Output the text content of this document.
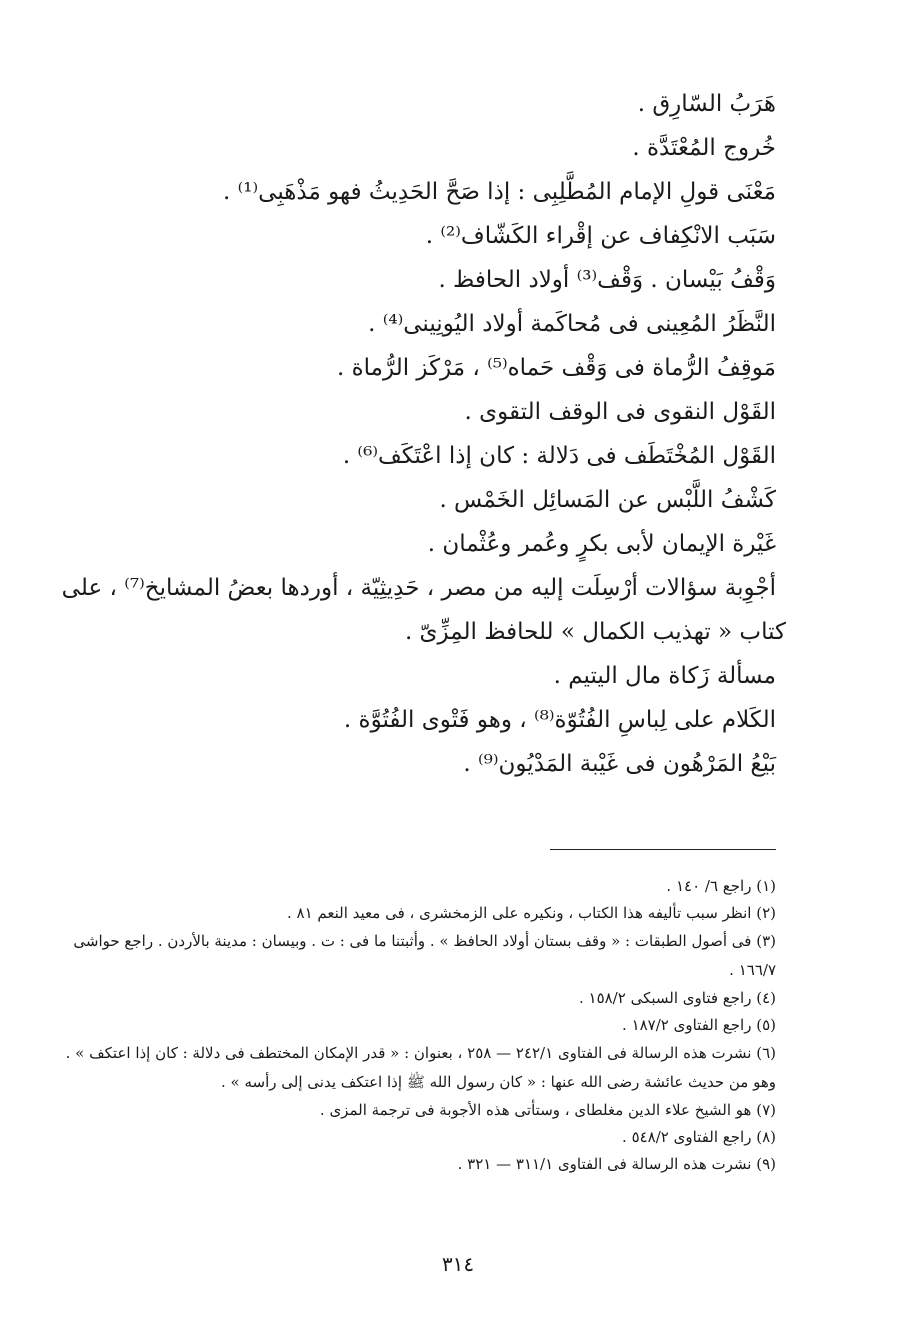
هَرَبُ السّارِق .
خُروج المُعْتَدَّة .
مَعْنَى قولِ الإمام المُطَّلِبِى : إذا صَحَّ الحَدِيثُ فهو مَذْهَبِى⁽¹⁾ .
سَبَب الانْكِفاف عن إقْراء الكَشّاف⁽²⁾ .
وَقْفُ بَيْسان . وَقْف⁽³⁾ أولاد الحافظ .
النَّظَرُ المُعِينى فى مُحاكَمة أولاد اليُونِينى⁽⁴⁾ .
مَوقِفُ الرُّماة فى وَقْف حَماه⁽⁵⁾ ، مَرْكَز الرُّماة .
القَوْل النقوى فى الوقف التقوى .
القَوْل المُخْتَطَف فى دَلالة : كان إذا اعْتَكَف⁽⁶⁾ .
كَشْفُ اللَّبْس عن المَسائِل الخَمْس .
غَيْرة الإيمان لأبى بكرٍ وعُمر وعُثْمان .
أجْوِبة سؤالات أرْسِلَت إليه من مصر ، حَدِيثِيّة ، أوردها بعضُ المشايخ⁽⁷⁾ ، على
كتاب « تهذيب الكمال » للحافظ المِزِّىّ .
مسألة زَكاة مال اليتيم .
الكَلام على لِباسِ الفُتُوّة⁽⁸⁾ ، وهو فَتْوى الفُتُوَّة .
بَيْعُ المَرْهُون فى غَيْبة المَدْيُون⁽⁹⁾ .
(١) راجع ٦/ ١٤٠ .
(٢) انظر سبب تأليفه هذا الكتاب ، ونكيره على الزمخشرى ، فى معيد النعم ٨١ .
(٣) فى أصول الطبقات : « وقف بستان أولاد الحافظ » . وأثبتنا ما فى : ت . وبيسان : مدينة بالأردن . راجع حواشى ١٦٦/٧ .
(٤) راجع فتاوى السبكى ١٥٨/٢ .
(٥) راجع الفتاوى ١٨٧/٢ .
(٦) نشرت هذه الرسالة فى الفتاوى ٢٤٢/١ — ٢٥٨ ، بعنوان : « قدر الإمكان المختطف فى دلالة : كان إذا اعتكف » . وهو من حديث عائشة رضى الله عنها : « كان رسول الله ﷺ إذا اعتكف يدنى إلى رأسه » .
(٧) هو الشيخ علاء الدين مغلطاى ، وستأتى هذه الأجوبة فى ترجمة المزى .
(٨) راجع الفتاوى ٥٤٨/٢ .
(٩) نشرت هذه الرسالة فى الفتاوى ٣١١/١ — ٣٢١ .
٣١٤
